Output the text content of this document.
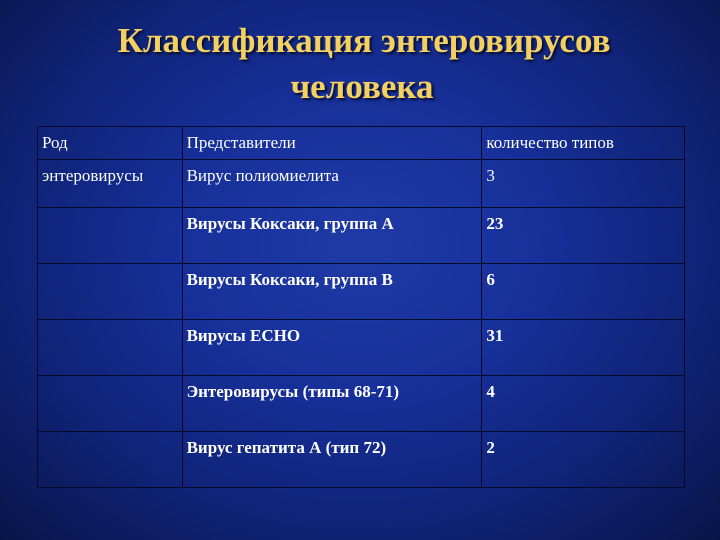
Классификация энтеровирусов
человека
Род	Представители	количество типов
энтеровирусы	Вирус полиомиелита	3
	Вирусы Коксаки, группа А	23
	Вирусы Коксаки, группа В	6
	Вирусы ЕСНО	31
	Энтеровирусы (типы 68-71)	4
	Вирус гепатита А (тип 72)	2
